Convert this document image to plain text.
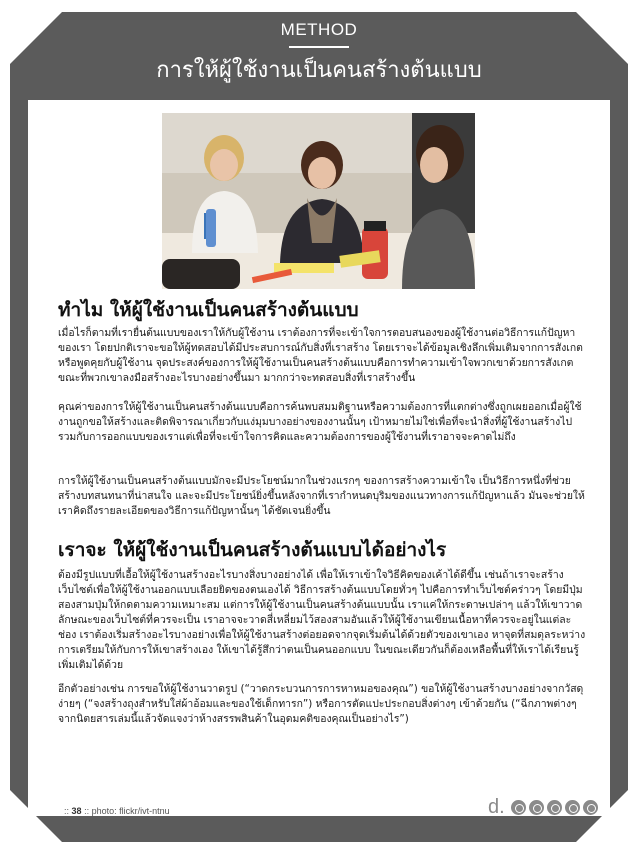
METHOD
การให้ผู้ใช้งานเป็นคนสร้างต้นแบบ
ทำไม ให้ผู้ใช้งานเป็นคนสร้างต้นแบบ

เมื่อไรก็ตามที่เรายื่นต้นแบบของเราให้กับผู้ใช้งาน เราต้องการที่จะเข้าใจการตอบสนองของผู้ใช้งานต่อวิธีการแก้ปัญหาของเรา โดยปกติเราจะขอให้ผู้ทดสอบได้มีประสบการณ์กับสิ่งที่เราสร้าง โดยเราจะได้ข้อมูลเชิงลึกเพิ่มเติมจากการสังเกตหรือพูดคุยกับผู้ใช้งาน จุดประสงค์ของการให้ผู้ใช้งานเป็นคนสร้างต้นแบบคือการทำความเข้าใจพวกเขาด้วยการสังเกตขณะที่พวกเขาลงมือสร้างอะไรบางอย่างขึ้นมา มากกว่าจะทดสอบสิ่งที่เราสร้างขึ้น

คุณค่าของการให้ผู้ใช้งานเป็นคนสร้างต้นแบบคือการค้นพบสมมติฐานหรือความต้องการที่แตกต่างซึ่งถูกเผยออกเมื่อผู้ใช้งานถูกขอให้สร้างและติดพิจารณาเกี่ยวกับแง่มุมบางอย่างของงานนั้นๆ เป้าหมายไม่ใช่เพื่อที่จะนำสิ่งที่ผู้ใช้งานสร้างไปรวมกับการออกแบบของเราแต่เพื่อที่จะเข้าใจการคิดและความต้องการของผู้ใช้งานที่เราอาจจะคาดไม่ถึง

การให้ผู้ใช้งานเป็นคนสร้างต้นแบบมักจะมีประโยชน์มากในช่วงแรกๆ ของการสร้างความเข้าใจ เป็นวิธีการหนึ่งที่ช่วยสร้างบทสนทนาที่น่าสนใจ และจะมีประโยชน์ยิ่งขึ้นหลังจากที่เรากำหนดบุริมของแนวทางการแก้ปัญหาแล้ว มันจะช่วยให้เราคิดถึงรายละเอียดของวิธีการแก้ปัญหานั้นๆ ได้ชัดเจนยิ่งขึ้น

เราจะ ให้ผู้ใช้งานเป็นคนสร้างต้นแบบได้อย่างไร

ต้องมีรูปแบบที่เอื้อให้ผู้ใช้งานสร้างอะไรบางสิ่งบางอย่างได้ เพื่อให้เราเข้าใจวิธีคิดของเค้าได้ดีขึ้น เช่นถ้าเราจะสร้างเว็บไซต์เพื่อให้ผู้ใช้งานออกแบบเลือยยิดของตนเองได้ วิธีการสร้างต้นแบบโดยทั่วๆ ไปคือการทำเว็บไซต์คร่าวๆ โดยมีปุ่มสองสามปุ่มให้กดตามความเหมาะสม แต่การให้ผู้ใช้งานเป็นคนสร้างต้นแบบนั้น เราแค่ให้กระดาษเปล่าๆ แล้วให้เขาวาดลักษณะของเว็บไซต์ที่ควรจะเป็น เราอาจจะวาดสี่เหลี่ยมไว้สองสามอันแล้วให้ผู้ใช้งานเขียนเนื้อหาที่ควรจะอยู่ในแต่ละช่อง เราต้องเริ่มสร้างอะไรบางอย่างเพื่อให้ผู้ใช้งานสร้างต่อยอดจากจุดเริ่มต้นได้ด้วยตัวของเขาเอง หาจุดที่สมดุลระหว่างการเตรียมให้กับการให้เขาสร้างเอง ให้เขาได้รู้สึกว่าตนเป็นคนออกแบบ ในขณะเดียวกันก็ต้องเหลือพื้นที่ให้เราได้เรียนรู้เพิ่มเติมได้ด้วย

อีกตัวอย่างเช่น การขอให้ผู้ใช้งานวาดรูป (“วาดกระบวนการการหาหมอของคุณ”) ขอให้ผู้ใช้งานสร้างบางอย่างจากวัสดุง่ายๆ (“จงสร้างถุงสำหรับใส่ผ้าอ้อมและของใช้เด็กทารก”) หรือการตัดแปะประกอบสิ่งต่างๆ เข้าด้วยกัน (“ฉีกภาพต่างๆจากนิตยสารเล่มนี้แล้วจัดแจงว่าห้างสรรพสินค้าในอุดมคติของคุณเป็นอย่างไร”)

:: 38 :: photo: flickr/ivt-ntnu	d.
